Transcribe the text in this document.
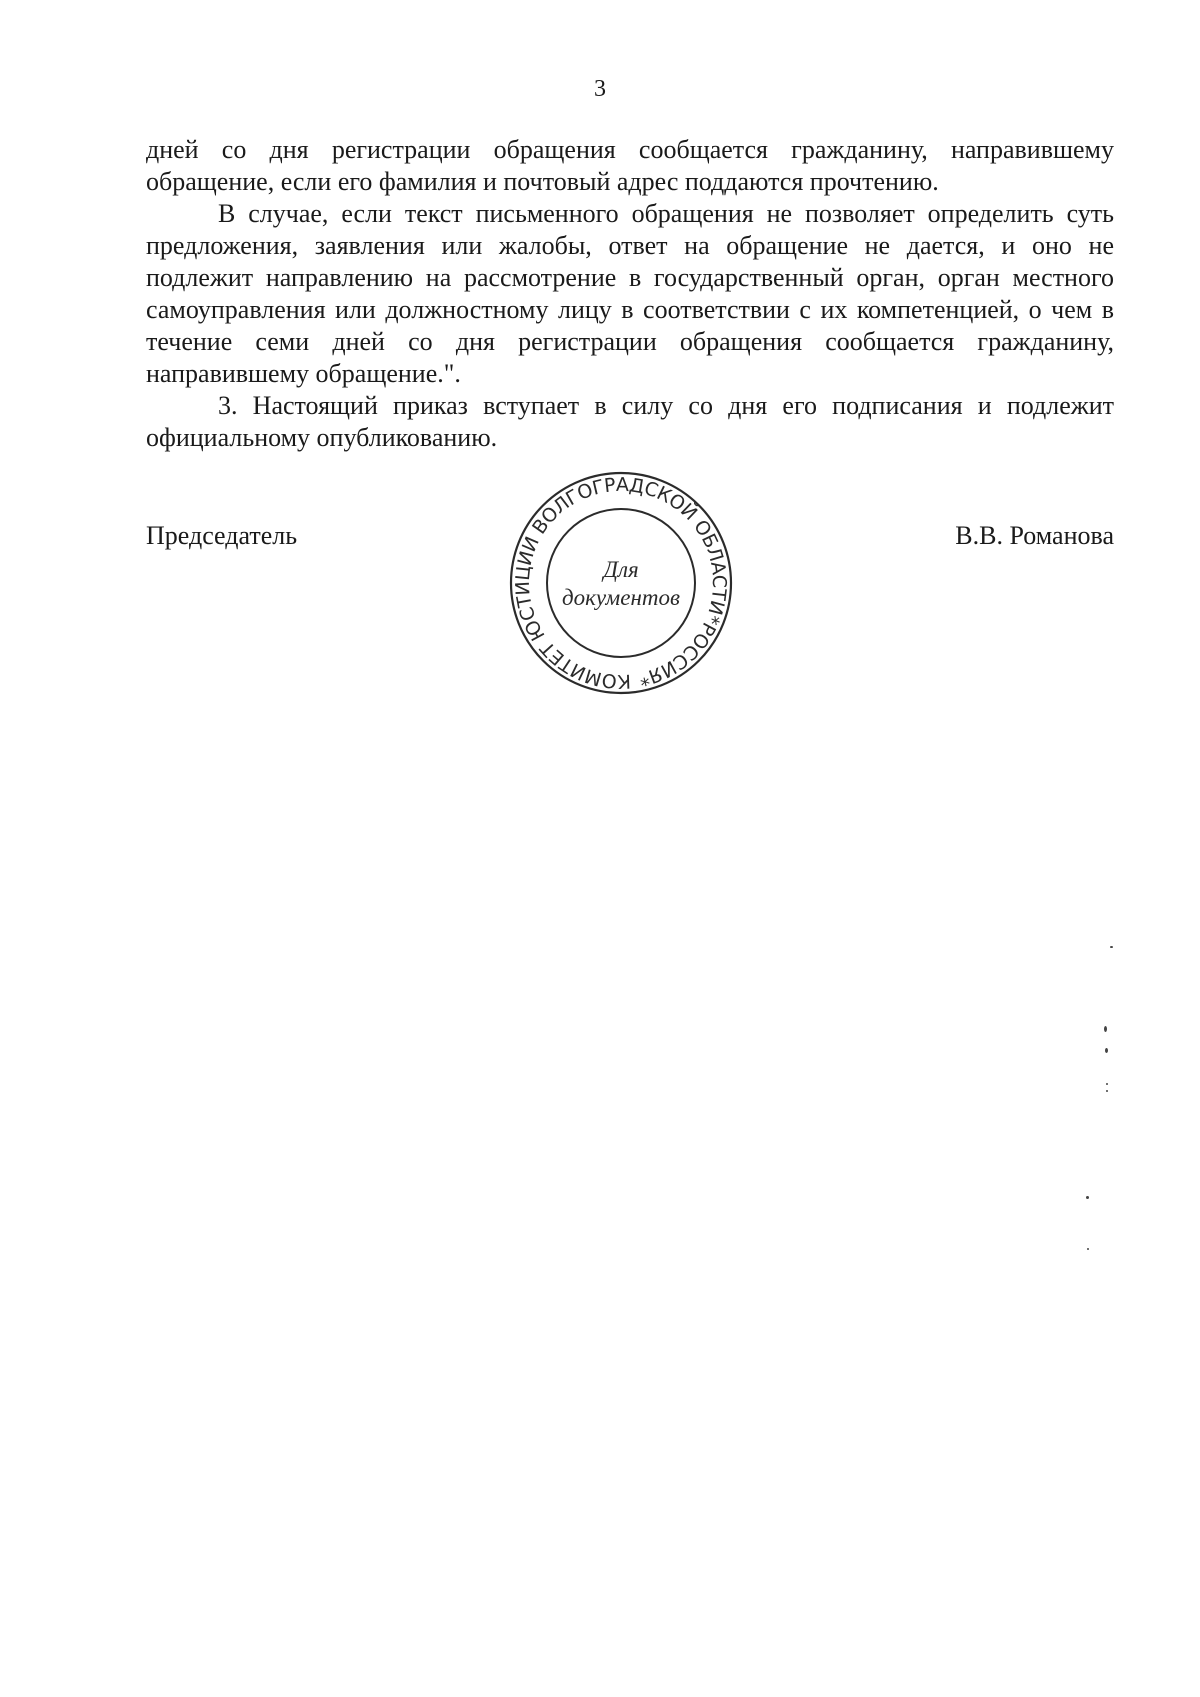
3

дней со дня регистрации обращения сообщается гражданину, направившему обращение, если его фамилия и почтовый адрес поддаются прочтению.

В случае, если текст письменного обращения не позволяет определить суть предложения, заявления или жалобы, ответ на обращение не дается, и оно не подлежит направлению на рассмотрение в государственный орган, орган местного самоуправления или должностному лицу в соответствии с их компетенцией, о чем в течение семи дней со дня регистрации обращения сообщается гражданину, направившему обращение.".

3. Настоящий приказ вступает в силу со дня его подписания и подлежит официальному опубликованию.

Председатель	В.В. Романова
КОМИТЕТ ЮСТИЦИИ ВОЛГОГРАДСКОЙ ОБЛАСТИ*РОССИЯ*
Для
документов
